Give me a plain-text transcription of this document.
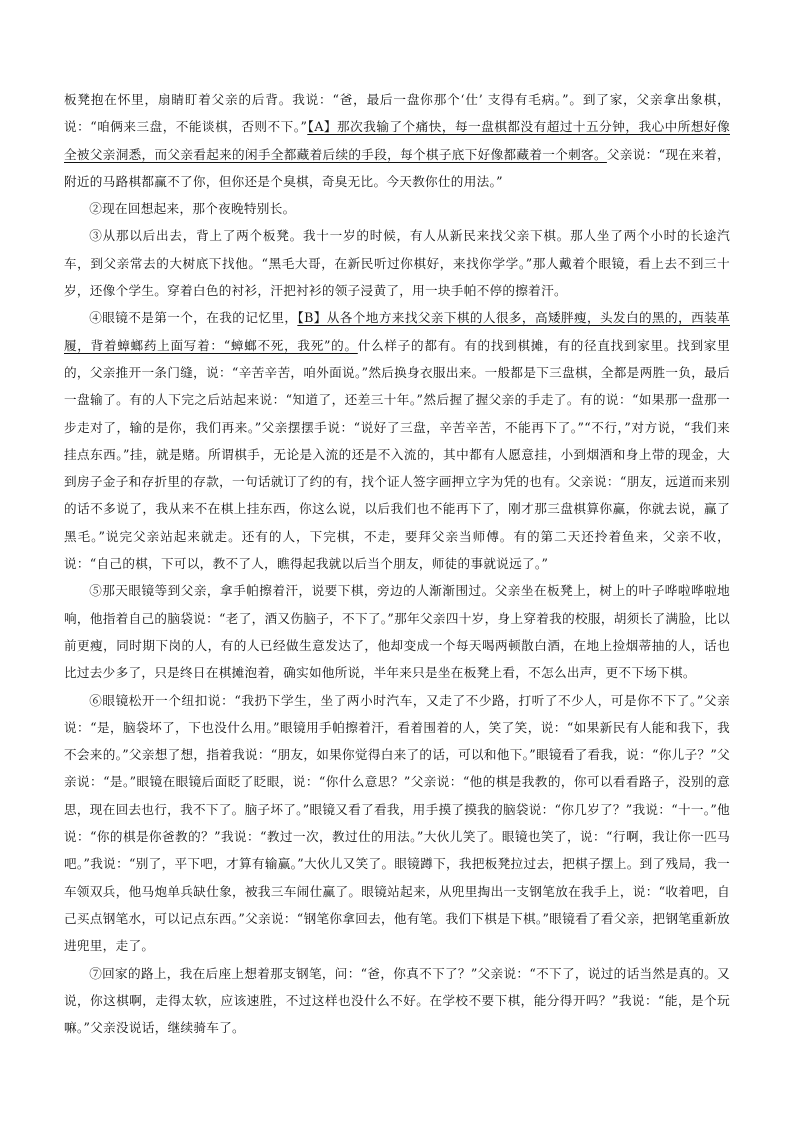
板凳抱在怀里，扇睛盯着父亲的后背。我说：“爸，最后一盘你那个‘仕’ 支得有毛病。”。到了家，父亲拿出象棋，说：“咱俩来三盘，不能谈棋，否则不下。”【A】那次我输了个痛快，每一盘棋都没有超过十五分钟，我心中所想好像全被父亲洞悉，而父亲看起来的闲手全都藏着后续的手段，每个棋子底下好像都藏着一个刺客。父亲说：“现在来着，附近的马路棋都赢不了你，但你还是个臭棋，奇臭无比。今天教你仕的用法。”

②现在回想起来，那个夜晚特别长。

③从那以后出去，背上了两个板凳。我十一岁的时候，有人从新民来找父亲下棋。那人坐了两个小时的长途汽车，到父亲常去的大树底下找他。“黑毛大哥，在新民听过你棋好，来找你学学。”那人戴着个眼镜，看上去不到三十岁，还像个学生。穿着白色的衬衫，汗把衬衫的领子浸黄了，用一块手帕不停的擦着汗。

④眼镜不是第一个，在我的记忆里，【B】从各个地方来找父亲下棋的人很多，高矮胖瘦，头发白的黑的，西装革履，背着蟑螂药上面写着：“蟑螂不死，我死”的。什么样子的都有。有的找到棋摊，有的径直找到家里。找到家里的，父亲推开一条门缝，说：“辛苦辛苦，咱外面说。”然后换身衣服出来。一般都是下三盘棋，全都是两胜一负，最后一盘输了。有的人下完之后站起来说：“知道了，还差三十年。”然后握了握父亲的手走了。有的说：“如果那一盘那一步走对了，输的是你，我们再来。”父亲摆摆手说：“说好了三盘，辛苦辛苦，不能再下了。”“不行，”对方说，“我们来挂点东西。”挂，就是赌。所谓棋手，无论是入流的还是不入流的，其中都有人愿意挂，小到烟酒和身上带的现金，大到房子金子和存折里的存款，一句话就订了约的有，找个证人签字画押立字为凭的也有。父亲说：“朋友，远道而来别的话不多说了，我从来不在棋上挂东西，你这么说，以后我们也不能再下了，刚才那三盘棋算你赢，你就去说，赢了黑毛。”说完父亲站起来就走。还有的人，下完棋，不走，要拜父亲当师傅。有的第二天还拎着鱼来，父亲不收，说：“自己的棋，下可以，教不了人，瞧得起我就以后当个朋友，师徒的事就说远了。”

⑤那天眼镜等到父亲，拿手帕擦着汗，说要下棋，旁边的人渐渐围过。父亲坐在板凳上，树上的叶子哗啦哗啦地响，他指着自己的脑袋说：“老了，酒又伤脑子，不下了。”那年父亲四十岁，身上穿着我的校服，胡须长了满脸，比以前更瘦，同时期下岗的人，有的人已经做生意发达了，他却变成一个每天喝两顿散白酒，在地上捡烟蒂抽的人，话也比过去少多了，只是终日在棋摊泡着，确实如他所说，半年来只是坐在板凳上看，不怎么出声，更不下场下棋。

⑥眼镜松开一个纽扣说：“我扔下学生，坐了两小时汽车，又走了不少路，打听了不少人，可是你不下了。”父亲说：“是，脑袋坏了，下也没什么用。”眼镜用手帕擦着汗，看着围着的人，笑了笑，说：“如果新民有人能和我下，我不会来的。”父亲想了想，指着我说：“朋友，如果你觉得白来了的话，可以和他下。”眼镜看了看我，说：“你儿子？”父亲说：“是。”眼镜在眼镜后面眨了眨眼，说：“你什么意思？”父亲说：“他的棋是我教的，你可以看看路子，没别的意思，现在回去也行，我不下了。脑子坏了。”眼镜又看了看我，用手摸了摸我的脑袋说：“你几岁了？”我说：“十一。”他说：“你的棋是你爸教的？”我说：“教过一次，教过仕的用法。”大伙儿笑了。眼镜也笑了，说：“行啊，我让你一匹马吧。”我说：“别了，平下吧，才算有输赢。”大伙儿又笑了。眼镜蹲下，我把板凳拉过去，把棋子摆上。到了残局，我一车领双兵，他马炮单兵缺仕象，被我三车闹仕赢了。眼镜站起来，从兜里掏出一支钢笔放在我手上，说：“收着吧，自己买点钢笔水，可以记点东西。”父亲说：“钢笔你拿回去，他有笔。我们下棋是下棋。”眼镜看了看父亲，把钢笔重新放进兜里，走了。

⑦回家的路上，我在后座上想着那支钢笔，问：“爸，你真不下了？”父亲说：“不下了，说过的话当然是真的。又说，你这棋啊，走得太软，应该速胜，不过这样也没什么不好。在学校不要下棋，能分得开吗？”我说：“能，是个玩嘛。”父亲没说话，继续骑车了。
